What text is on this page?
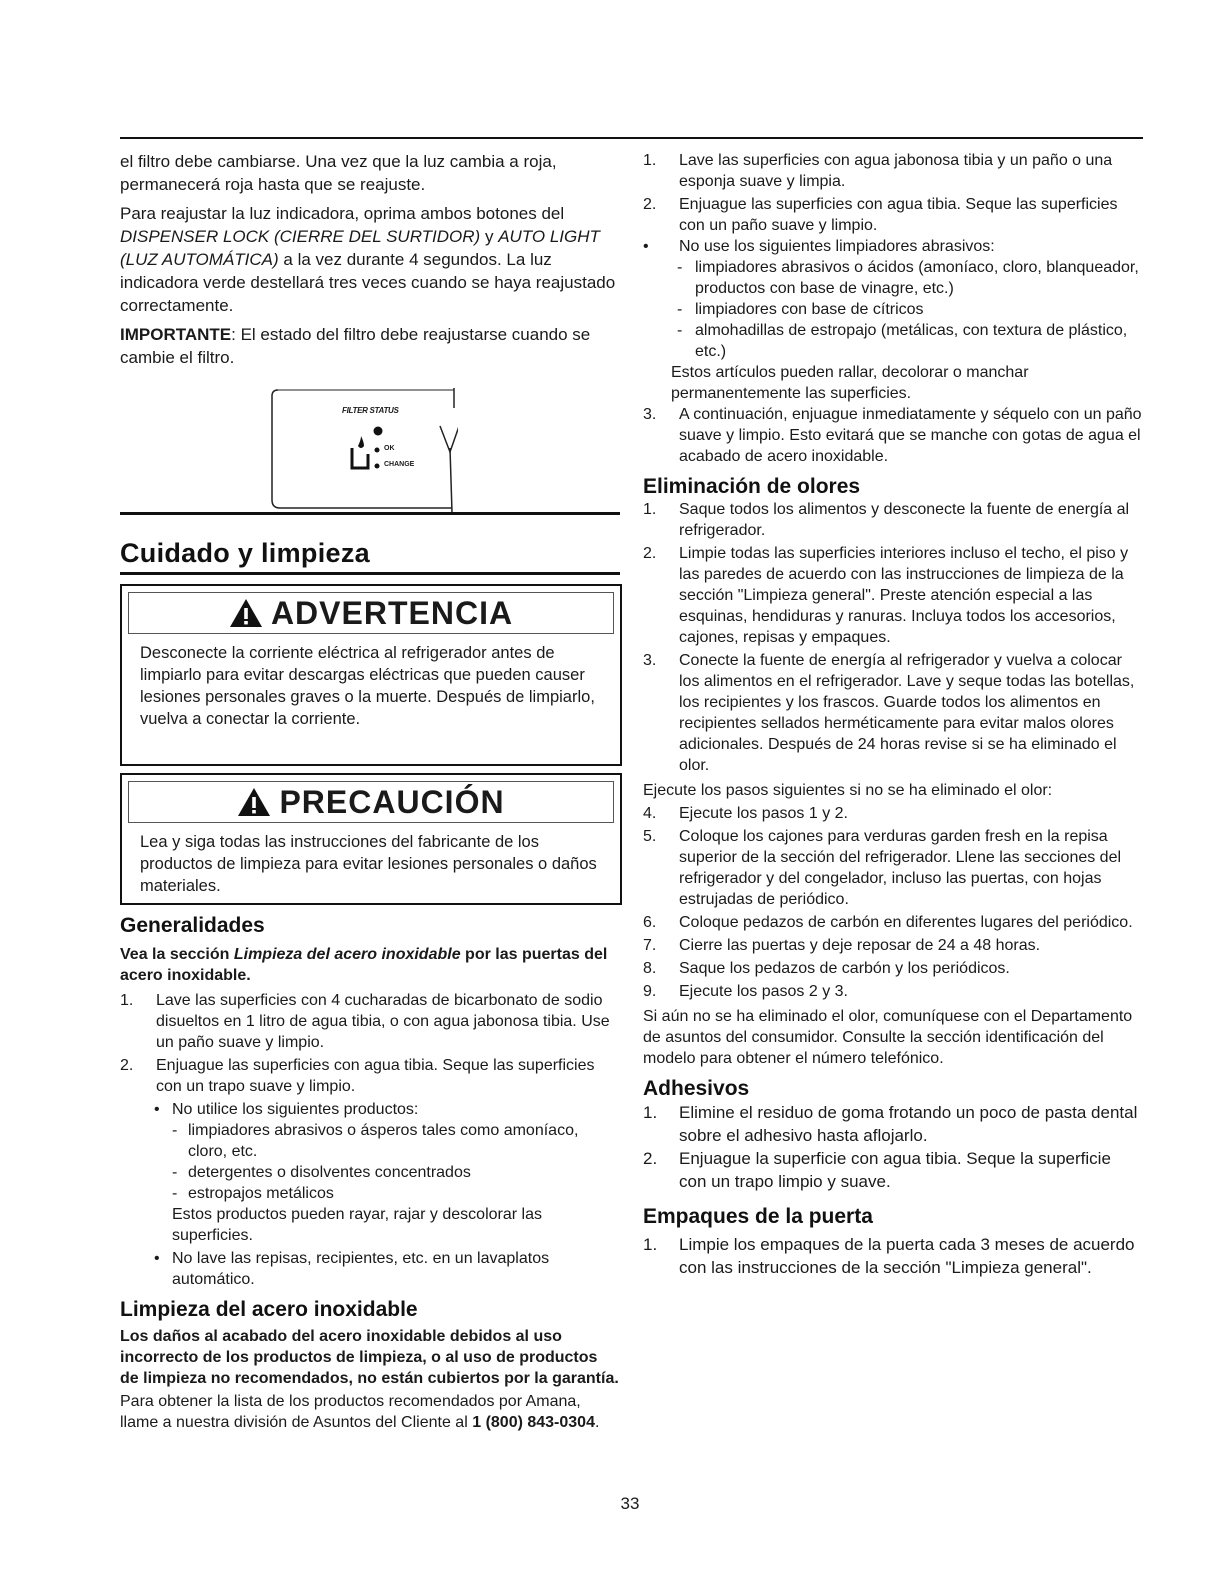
el filtro debe cambiarse. Una vez que la luz cambia a roja, permanecerá roja hasta que se reajuste.

Para reajustar la luz indicadora, oprima ambos botones del DISPENSER LOCK (CIERRE DEL SURTIDOR) y AUTO LIGHT (LUZ AUTOMÁTICA) a la vez durante 4 segundos. La luz indicadora verde destellará tres veces cuando se haya reajustado correctamente.

IMPORTANTE: El estado del filtro debe reajustarse cuando se cambie el filtro.

FILTER STATUS
OK
CHANGE
Cuidado y limpieza
ADVERTENCIA

Desconecte la corriente eléctrica al refrigerador antes de limpiarlo para evitar descargas eléctricas que pueden causer lesiones personales graves o la muerte. Después de limpiarlo, vuelva a conectar la corriente.

PRECAUCIÓN

Lea y siga todas las instrucciones del fabricante de los productos de limpieza para evitar lesiones personales o daños materiales.

Generalidades

Vea la sección Limpieza del acero inoxidable por las puertas del acero inoxidable.

1.	Lave las superficies con 4 cucharadas de bicarbonato de sodio disueltos en 1 litro de agua tibia, o con agua jabonosa tibia. Use un paño suave y limpio.
2.	Enjuague las superficies con agua tibia. Seque las superficies con un trapo suave y limpio.
• No utilice los siguientes productos:
- limpiadores abrasivos o ásperos tales como amoníaco, cloro, etc.
- detergentes o disolventes concentrados
- estropajos metálicos
Estos productos pueden rayar, rajar y descolorar las superficies.
• No lave las repisas, recipientes, etc. en un lavaplatos automático.
Limpieza del acero inoxidable

Los daños al acabado del acero inoxidable debidos al uso incorrecto de los productos de limpieza, o al uso de productos de limpieza no recomendados, no están cubiertos por la garantía.

Para obtener la lista de los productos recomendados por Amana, llame a nuestra división de Asuntos del Cliente al 1 (800) 843-0304.

1.	Lave las superficies con agua jabonosa tibia y un paño o una esponja suave y limpia.
2.	Enjuague las superficies con agua tibia. Seque las superficies con un paño suave y limpio.
•	No use los siguientes limpiadores abrasivos:
- limpiadores abrasivos o ácidos (amoníaco, cloro, blanqueador, productos con base de vinagre, etc.)
- limpiadores con base de cítricos
- almohadillas de estropajo (metálicas, con textura de plástico, etc.)
Estos artículos pueden rallar, decolorar o manchar permanentemente las superficies.
3.	A continuación, enjuague inmediatamente y séquelo con un paño suave y limpio. Esto evitará que se manche con gotas de agua el acabado de acero inoxidable.
Eliminación de olores
1.	Saque todos los alimentos y desconecte la fuente de energía al refrigerador.
2.	Limpie todas las superficies interiores incluso el techo, el piso y las paredes de acuerdo con las instrucciones de limpieza de la sección "Limpieza general". Preste atención especial a las esquinas, hendiduras y ranuras. Incluya todos los accesorios, cajones, repisas y empaques.
3.	Conecte la fuente de energía al refrigerador y vuelva a colocar los alimentos en el refrigerador. Lave y seque todas las botellas, los recipientes y los frascos. Guarde todos los alimentos en recipientes sellados herméticamente para evitar malos olores adicionales. Después de 24 horas revise si se ha eliminado el olor.

Ejecute los pasos siguientes si no se ha eliminado el olor:

4.	Ejecute los pasos 1 y 2.
5.	Coloque los cajones para verduras garden fresh en la repisa superior de la sección del refrigerador. Llene las secciones del refrigerador y del congelador, incluso las puertas, con hojas estrujadas de periódico.
6.	Coloque pedazos de carbón en diferentes lugares del periódico.
7.	Cierre las puertas y deje reposar de 24 a 48 horas.
8.	Saque los pedazos de carbón y los periódicos.
9.	Ejecute los pasos 2 y 3.

Si aún no se ha eliminado el olor, comuníquese con el Departamento de asuntos del consumidor. Consulte la sección identificación del modelo para obtener el número telefónico.

Adhesivos
1.	Elimine el residuo de goma frotando un poco de pasta dental sobre el adhesivo hasta aflojarlo.
2.	Enjuague la superficie con agua tibia. Seque la superficie con un trapo limpio y suave.
Empaques de la puerta
1.	Limpie los empaques de la puerta cada 3 meses de acuerdo con las instrucciones de la sección "Limpieza general".
33
